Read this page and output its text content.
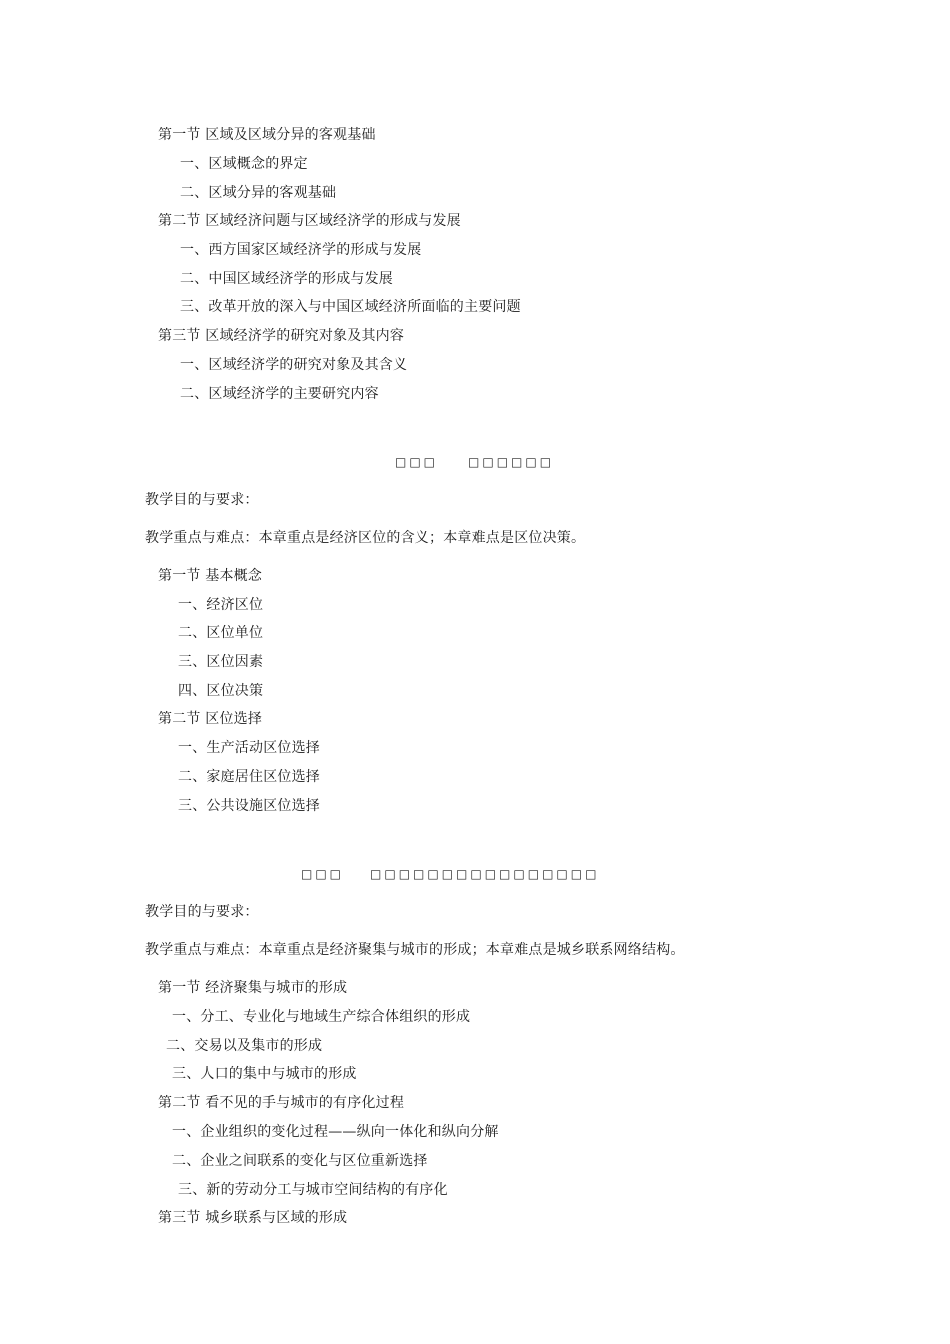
第一节 区域及区域分异的客观基础
一、区域概念的界定
二、区域分异的客观基础
第二节 区域经济问题与区域经济学的形成与发展
一、西方国家区域经济学的形成与发展
二、中国区域经济学的形成与发展
三、改革开放的深入与中国区域经济所面临的主要问题
第三节 区域经济学的研究对象及其内容
一、区域经济学的研究对象及其含义
二、区域经济学的主要研究内容
□□□	□□□□□□
教学目的与要求：
教学重点与难点：本章重点是经济区位的含义；本章难点是区位决策。
第一节 基本概念
一、经济区位
二、区位单位
三、区位因素
四、区位决策
第二节 区位选择
一、生产活动区位选择
二、家庭居住区位选择
三、公共设施区位选择
□□□ □□□□□□□□□□□□□□□□
教学目的与要求：
教学重点与难点：本章重点是经济聚集与城市的形成；本章难点是城乡联系网络结构。
第一节 经济聚集与城市的形成
一、分工、专业化与地域生产综合体组织的形成
二、交易以及集市的形成
三、人口的集中与城市的形成
第二节 看不见的手与城市的有序化过程
一、企业组织的变化过程——纵向一体化和纵向分解
二、企业之间联系的变化与区位重新选择
三、新的劳动分工与城市空间结构的有序化
第三节 城乡联系与区域的形成
